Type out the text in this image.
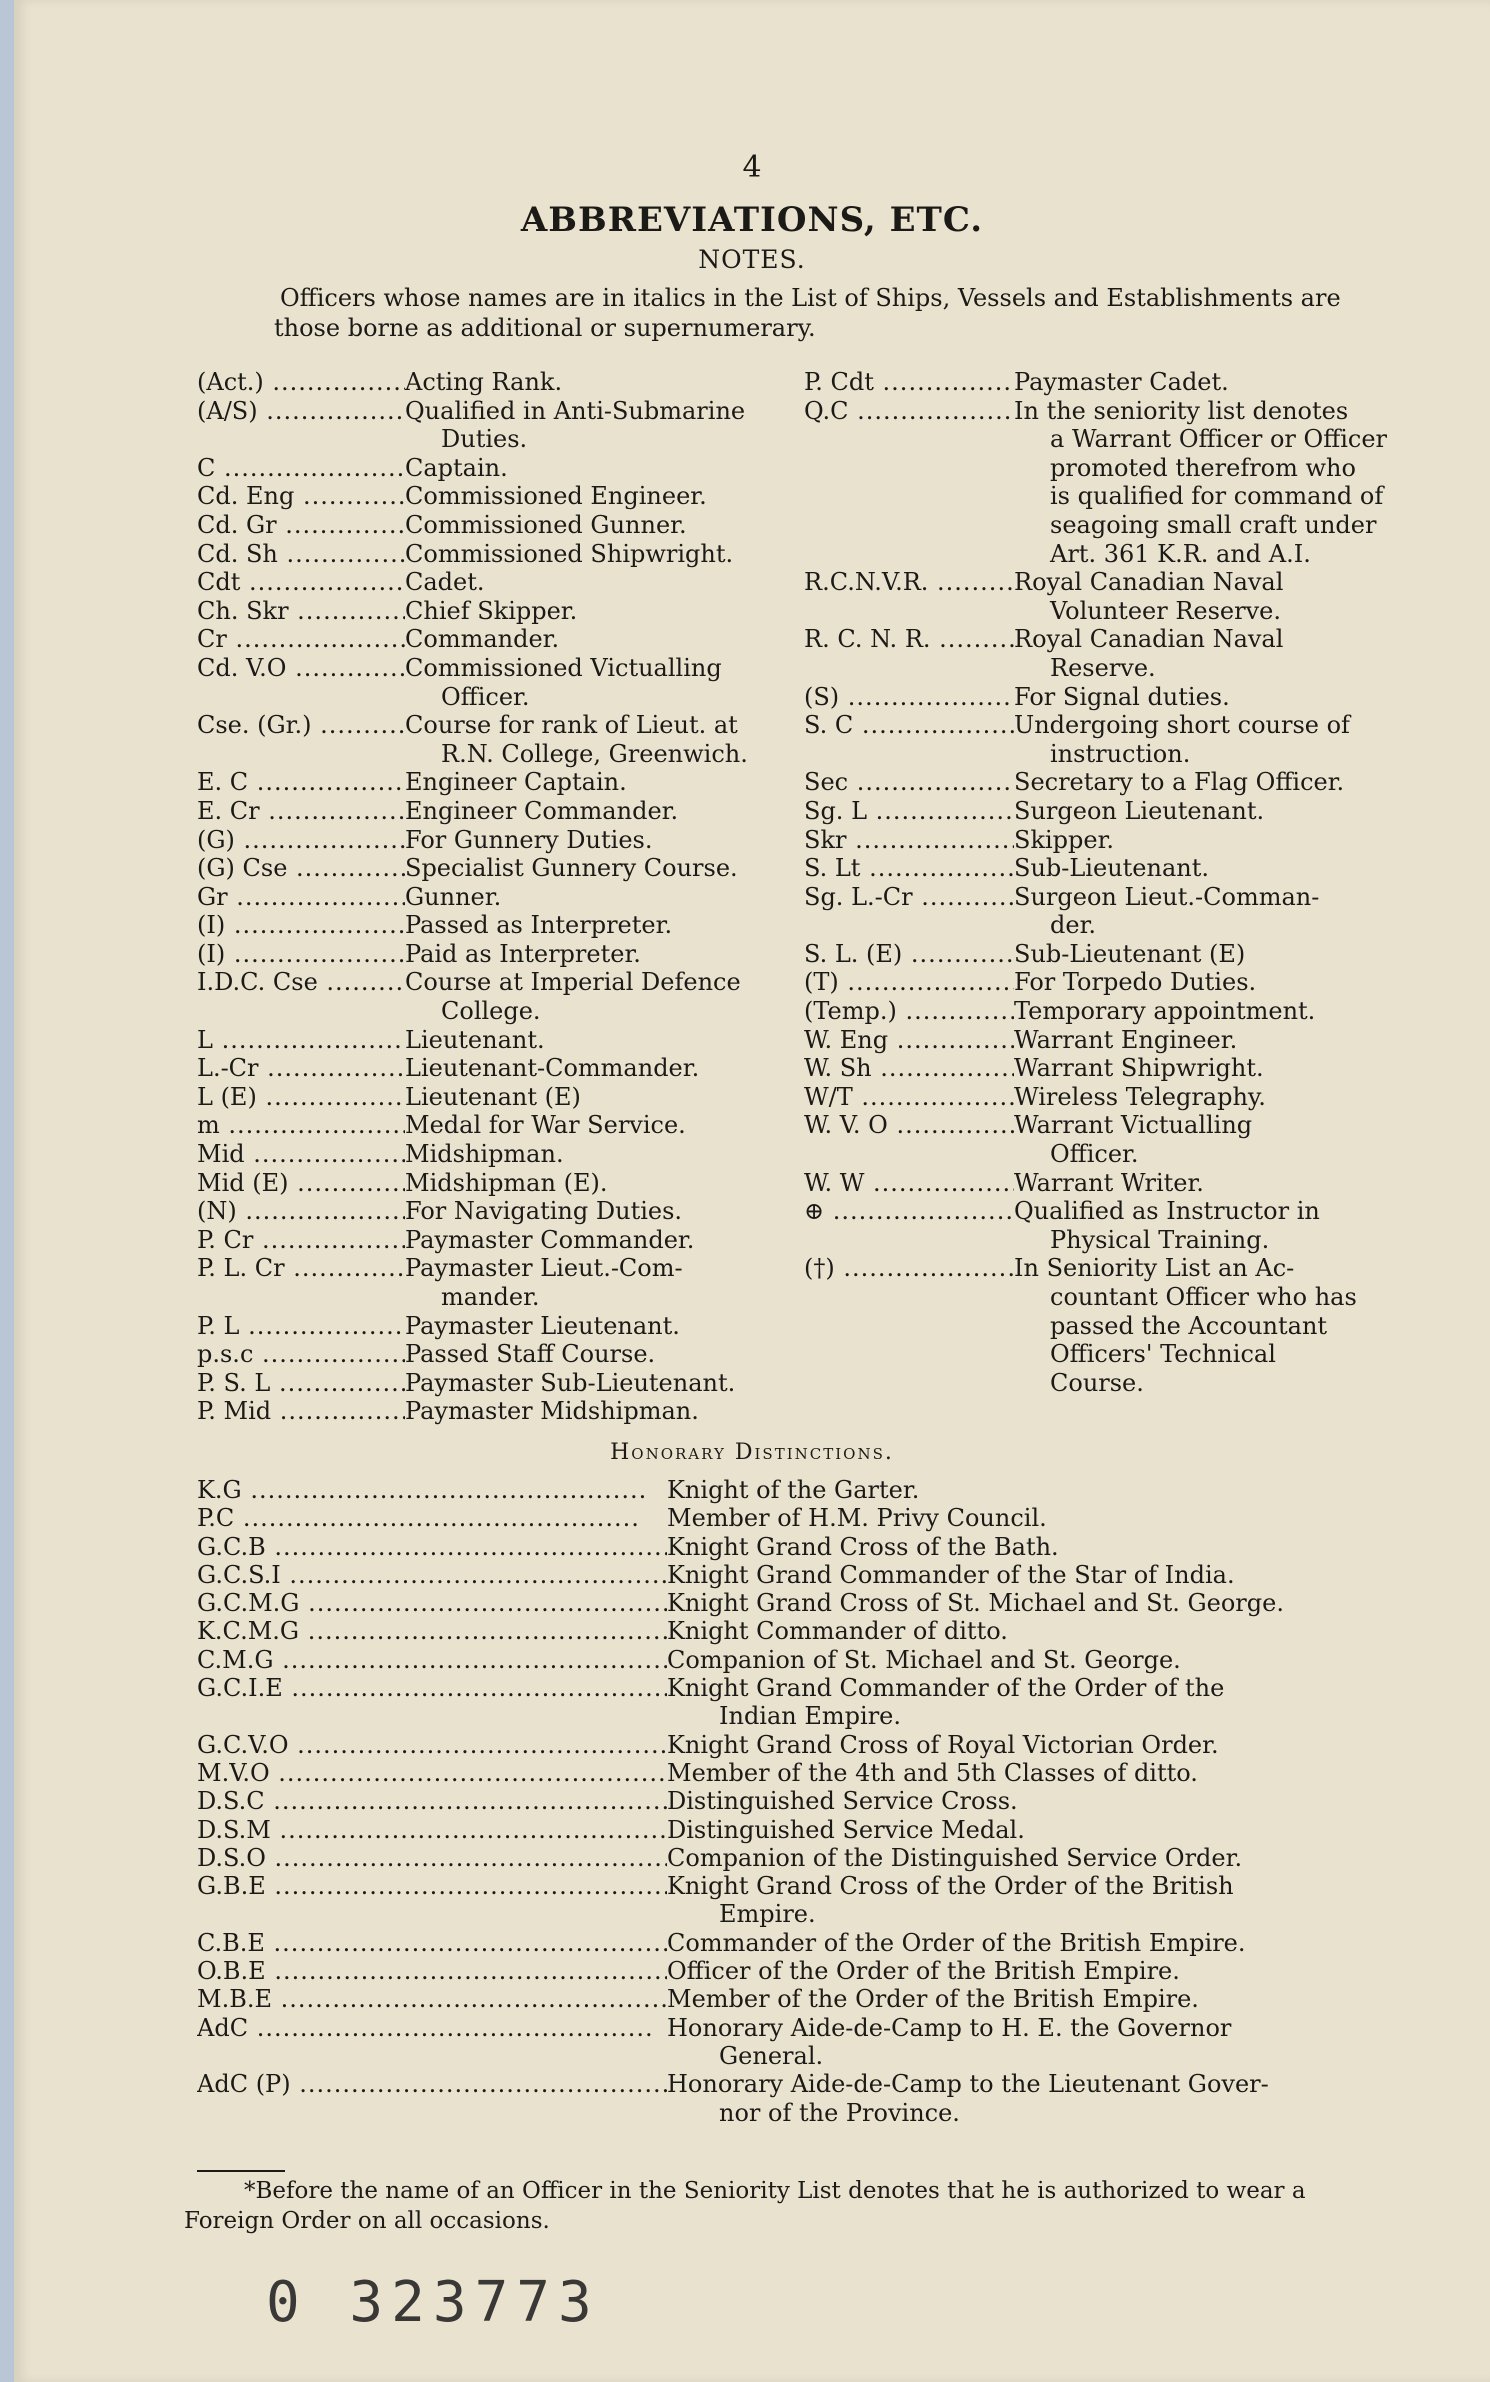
4
ABBREVIATIONS, ETC.
NOTES.
Officers whose names are in italics in the List of Ships, Vessels and Establishments are those borne as additional or supernumerary.
(Act.) .....	Acting Rank.
(A/S) .....	Qualified in Anti-Submarine
Duties.
C .....	Captain.
Cd. Eng .....	Commissioned Engineer.
Cd. Gr .....	Commissioned Gunner.
Cd. Sh .....	Commissioned Shipwright.
Cdt .....	Cadet.
Ch. Skr .....	Chief Skipper.
Cr .....	Commander.
Cd. V.O .....	Commissioned Victualling
Officer.
Cse. (Gr.) .....	Course for rank of Lieut. at
R.N. College, Greenwich.
E. C .....	Engineer Captain.
E. Cr .....	Engineer Commander.
(G) .....	For Gunnery Duties.
(G) Cse .....	Specialist Gunnery Course.
Gr .....	Gunner.
(I) .....	Passed as Interpreter.
(I) .....	Paid as Interpreter.
I.D.C. Cse .....	Course at Imperial Defence
College.
L .....	Lieutenant.
L.-Cr .....	Lieutenant-Commander.
L (E) .....	Lieutenant (E)
m .....	Medal for War Service.
Mid .....	Midshipman.
Mid (E) .....	Midshipman (E).
(N) .....	For Navigating Duties.
P. Cr .....	Paymaster Commander.
P. L. Cr .....	Paymaster Lieut.-Com-
mander.
P. L .....	Paymaster Lieutenant.
p.s.c .....	Passed Staff Course.
P. S. L .....	Paymaster Sub-Lieutenant.
P. Mid .....	Paymaster Midshipman.
P. Cdt .....	Paymaster Cadet.
Q.C .....	In the seniority list denotes
a Warrant Officer or Officer
promoted therefrom who
is qualified for command of
seagoing small craft under
Art. 361 K.R. and A.I.
R.C.N.V.R. .....	Royal Canadian Naval
Volunteer Reserve.
R. C. N. R. .....	Royal Canadian Naval
Reserve.
(S) .....	For Signal duties.
S. C .....	Undergoing short course of
instruction.
Sec .....	Secretary to a Flag Officer.
Sg. L .....	Surgeon Lieutenant.
Skr .....	Skipper.
S. Lt .....	Sub-Lieutenant.
Sg. L.-Cr .....	Surgeon Lieut.-Comman-
der.
S. L. (E) .....	Sub-Lieutenant (E)
(T) .....	For Torpedo Duties.
(Temp.) .....	Temporary appointment.
W. Eng .....	Warrant Engineer.
W. Sh .....	Warrant Shipwright.
W/T .....	Wireless Telegraphy.
W. V. O .....	Warrant Victualling
Officer.
W. W .....	Warrant Writer.
⊕ .....	Qualified as Instructor in
Physical Training.
(†) .....	In Seniority List an Ac-
countant Officer who has
passed the Accountant
Officers' Technical
Course.
Honorary Distinctions.
K.G .....	Knight of the Garter.
P.C .....	Member of H.M. Privy Council.
G.C.B .....	Knight Grand Cross of the Bath.
G.C.S.I .....	Knight Grand Commander of the Star of India.
G.C.M.G .....	Knight Grand Cross of St. Michael and St. George.
K.C.M.G .....	Knight Commander of ditto.
C.M.G .....	Companion of St. Michael and St. George.
G.C.I.E .....	Knight Grand Commander of the Order of the
Indian Empire.
G.C.V.O .....	Knight Grand Cross of Royal Victorian Order.
M.V.O .....	Member of the 4th and 5th Classes of ditto.
D.S.C .....	Distinguished Service Cross.
D.S.M .....	Distinguished Service Medal.
D.S.O .....	Companion of the Distinguished Service Order.
G.B.E .....	Knight Grand Cross of the Order of the British
Empire.
C.B.E .....	Commander of the Order of the British Empire.
O.B.E .....	Officer of the Order of the British Empire.
M.B.E .....	Member of the Order of the British Empire.
AdC .....	Honorary Aide-de-Camp to H. E. the Governor
General.
AdC (P) .....	Honorary Aide-de-Camp to the Lieutenant Gover-
nor of the Province.
*Before the name of an Officer in the Seniority List denotes that he is authorized to wear a Foreign Order on all occasions.
0 323773
